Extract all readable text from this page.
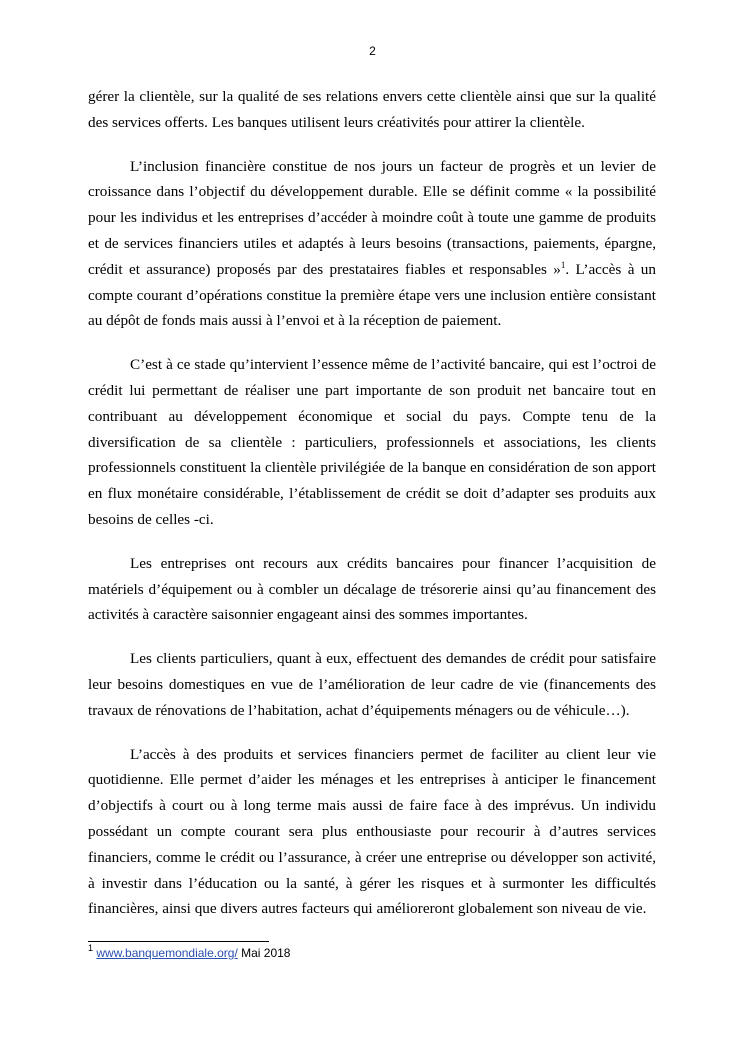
2

gérer la clientèle, sur la qualité de ses relations envers cette clientèle ainsi que sur la qualité des services offerts. Les banques utilisent leurs créativités pour attirer la clientèle.

L’inclusion financière constitue de nos jours un facteur de progrès et un levier de croissance dans l’objectif du développement durable. Elle se définit comme « la possibilité pour les individus et les entreprises d’accéder à moindre coût à toute une gamme de produits et de services financiers utiles et adaptés à leurs besoins (transactions, paiements, épargne, crédit et assurance) proposés par des prestataires fiables et responsables »$^1$. L’accès à un compte courant d’opérations constitue la première étape vers une inclusion entière consistant au dépôt de fonds mais aussi à l’envoi et à la réception de paiement.

C’est à ce stade qu’intervient l’essence même de l’activité bancaire, qui est l’octroi de crédit lui permettant de réaliser une part importante de son produit net bancaire tout en contribuant au développement économique et social du pays. Compte tenu de la diversification de sa clientèle : particuliers, professionnels et associations, les clients professionnels constituent la clientèle privilégiée de la banque en considération de son apport en flux monétaire considérable, l’établissement de crédit se doit d’adapter ses produits aux besoins de celles -ci.

Les entreprises ont recours aux crédits bancaires pour financer l’acquisition de matériels d’équipement ou à combler un décalage de trésorerie ainsi qu’au financement des activités à caractère saisonnier engageant ainsi des sommes importantes.

Les clients particuliers, quant à eux, effectuent des demandes de crédit pour satisfaire leur besoins domestiques en vue de l’amélioration de leur cadre de vie (financements des travaux de rénovations de l’habitation, achat d’équipements ménagers ou de véhicule…).

L’accès à des produits et services financiers permet de faciliter au client leur vie quotidienne. Elle permet d’aider les ménages et les entreprises à anticiper le financement d’objectifs à court ou à long terme mais aussi de faire face à des imprévus. Un individu possédant un compte courant sera plus enthousiaste pour recourir à d’autres services financiers, comme le crédit ou l’assurance, à créer une entreprise ou développer son activité, à investir dans l’éducation ou la santé, à gérer les risques et à surmonter les difficultés financières, ainsi que divers autres facteurs qui amélioreront globalement son niveau de vie.

$^1$ www.banquemondiale.org/ Mai 2018
